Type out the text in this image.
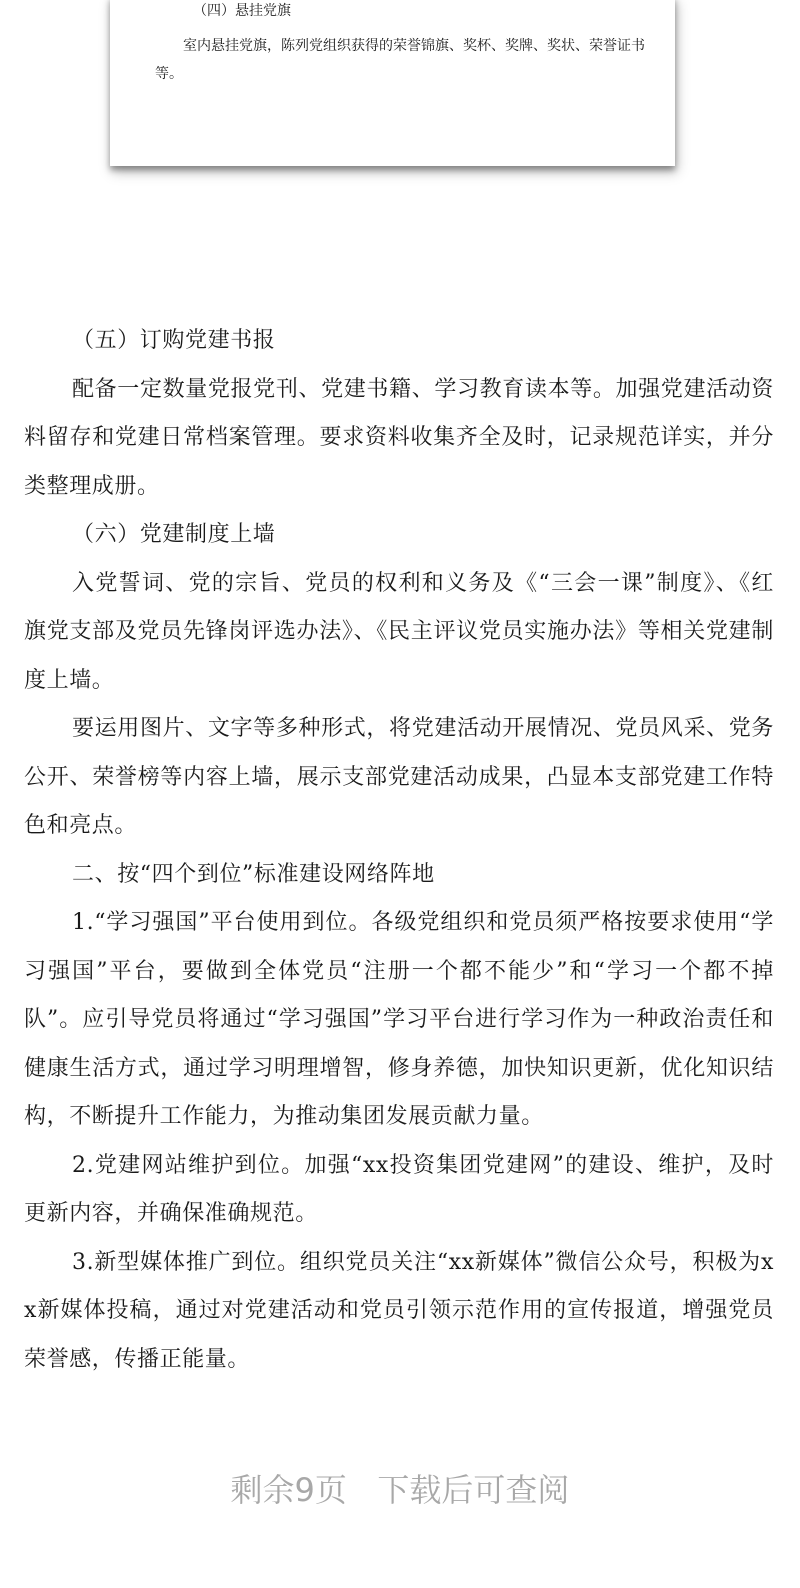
（四）悬挂党旗
室内悬挂党旗，陈列党组织获得的荣誉锦旗、奖杯、奖牌、奖状、荣誉证书等。

（五）订购党建书报

配备一定数量党报党刊、党建书籍、学习教育读本等。加强党建活动资料留存和党建日常档案管理。要求资料收集齐全及时，记录规范详实，并分类整理成册。

（六）党建制度上墙

入党誓词、党的宗旨、党员的权利和义务及《“三会一课”制度》、《红旗党支部及党员先锋岗评选办法》、《民主评议党员实施办法》等相关党建制度上墙。

要运用图片、文字等多种形式，将党建活动开展情况、党员风采、党务公开、荣誉榜等内容上墙，展示支部党建活动成果，凸显本支部党建工作特色和亮点。

二、按“四个到位”标准建设网络阵地

1.“学习强国”平台使用到位。各级党组织和党员须严格按要求使用“学习强国”平台，要做到全体党员“注册一个都不能少”和“学习一个都不掉队”。应引导党员将通过“学习强国”学习平台进行学习作为一种政治责任和健康生活方式，通过学习明理增智，修身养德，加快知识更新，优化知识结构，不断提升工作能力，为推动集团发展贡献力量。

2.党建网站维护到位。加强“xx投资集团党建网”的建设、维护，及时更新内容，并确保准确规范。

3.新型媒体推广到位。组织党员关注“xx新媒体”微信公众号，积极为xx新媒体投稿，通过对党建活动和党员引领示范作用的宣传报道，增强党员荣誉感，传播正能量。

剩余9页   下载后可查阅
